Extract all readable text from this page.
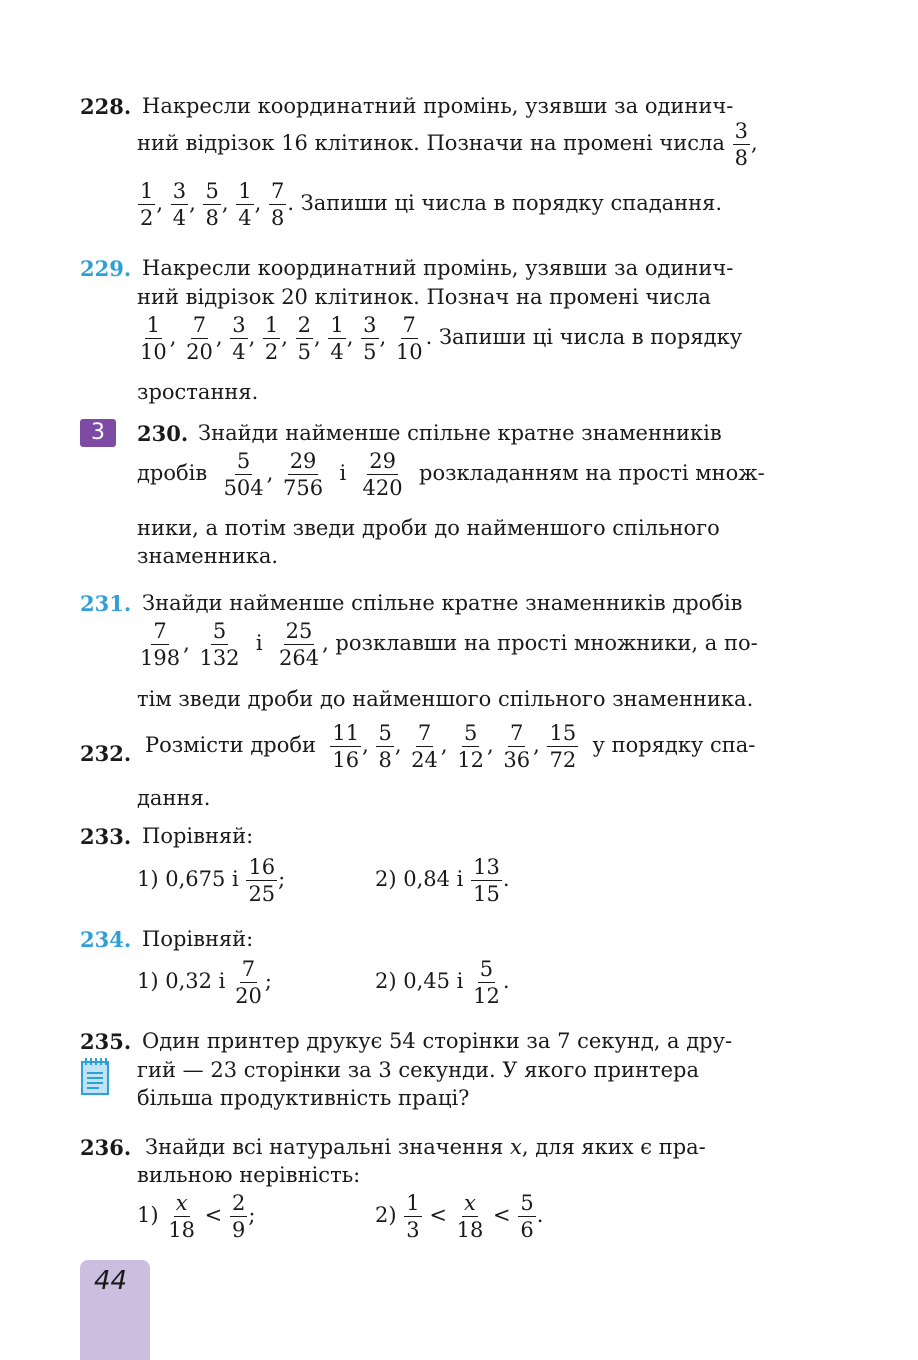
228. Накресли координатний промінь, узявши за одинич-
ний відрізок 16 клітинок. Позначи на промені числа $\frac{3}{8}$ ,
$\frac{1}{2}$ , $\frac{3}{4}$ , $\frac{5}{8}$ , $\frac{1}{4}$ , $\frac{7}{8}$ . Запиши ці числа в порядку спадання.
229. Накресли координатний промінь, узявши за одинич-
ний відрізок 20 клітинок. Познач на промені числа
$\frac{1}{10}$ , $\frac{7}{20}$ , $\frac{3}{4}$ , $\frac{1}{2}$ , $\frac{2}{5}$ , $\frac{1}{4}$ , $\frac{3}{5}$ , $\frac{7}{10}$ . Запиши ці числа в порядку
зростання.
3	230. Знайди найменше спільне кратне знаменників
дробів $\frac{5}{504}$ , $\frac{29}{756}$ і $\frac{29}{420}$ розкладанням на прості множ-
ники, а потім зведи дроби до найменшого спільного
знаменника.
231. Знайди найменше спільне кратне знаменників дробів
$\frac{7}{198}$ , $\frac{5}{132}$ і $\frac{25}{264}$ , розклавши на прості множники, а по-
тім зведи дроби до найменшого спільного знаменника.
232. Розмісти дроби $\frac{11}{16}$ , $\frac{5}{8}$ , $\frac{7}{24}$ , $\frac{5}{12}$ , $\frac{7}{36}$ , $\frac{15}{72}$ у порядку спа-
дання.
233. Порівняй:
1) 0,675 і $\frac{16}{25}$ ;	2) 0,84 і $\frac{13}{15}$ .
234. Порівняй:
1) 0,32 і $\frac{7}{20}$ ;	2) 0,45 і $\frac{5}{12}$ .
235. Один принтер друкує 54 сторінки за 7 секунд, а дру-
гий — 23 сторінки за 3 секунди. У якого принтера
більша продуктивність праці?
236. Знайди всі натуральні значення x, для яких є пра-
вильною нерівність:
$1) \frac{x}{18} < \frac{2}{9}$ ;	$2) \frac{1}{3} < \frac{x}{18} < \frac{5}{6}$ .
44
